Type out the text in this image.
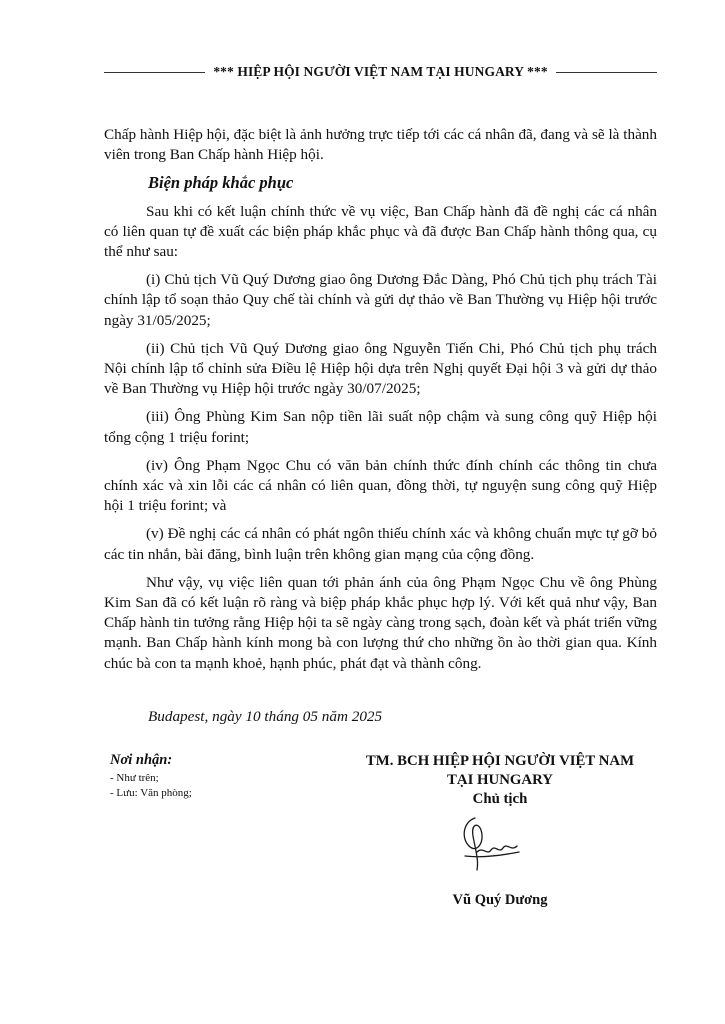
*** HIỆP HỘI NGƯỜI VIỆT NAM TẠI HUNGARY ***

Chấp hành Hiệp hội, đặc biệt là ảnh hưởng trực tiếp tới các cá nhân đã, đang và sẽ là thành viên trong Ban Chấp hành Hiệp hội.

Biện pháp khắc phục

Sau khi có kết luận chính thức về vụ việc, Ban Chấp hành đã đề nghị các cá nhân có liên quan tự đề xuất các biện pháp khắc phục và đã được Ban Chấp hành thông qua, cụ thể như sau:

(i) Chủ tịch Vũ Quý Dương giao ông Dương Đắc Dàng, Phó Chủ tịch phụ trách Tài chính lập tổ soạn thảo Quy chế tài chính và gửi dự thảo về Ban Thường vụ Hiệp hội trước ngày 31/05/2025;

(ii) Chủ tịch Vũ Quý Dương giao ông Nguyễn Tiến Chi, Phó Chủ tịch phụ trách Nội chính lập tổ chỉnh sửa Điều lệ Hiệp hội dựa trên Nghị quyết Đại hội 3 và gửi dự thảo về Ban Thường vụ Hiệp hội trước ngày 30/07/2025;

(iii) Ông Phùng Kim San nộp tiền lãi suất nộp chậm và sung công quỹ Hiệp hội tổng cộng 1 triệu forint;

(iv) Ông Phạm Ngọc Chu có văn bản chính thức đính chính các thông tin chưa chính xác và xin lỗi các cá nhân có liên quan, đồng thời, tự nguyện sung công quỹ Hiệp hội 1 triệu forint; và

(v) Đề nghị các cá nhân có phát ngôn thiếu chính xác và không chuẩn mực tự gỡ bỏ các tin nhắn, bài đăng, bình luận trên không gian mạng của cộng đồng.

Như vậy, vụ việc liên quan tới phản ánh của ông Phạm Ngọc Chu về ông Phùng Kim San đã có kết luận rõ ràng và biệp pháp khắc phục hợp lý. Với kết quả như vậy, Ban Chấp hành tin tưởng rằng Hiệp hội ta sẽ ngày càng trong sạch, đoàn kết và phát triển vững mạnh. Ban Chấp hành kính mong bà con lượng thứ cho những ồn ào thời gian qua. Kính chúc bà con ta mạnh khoẻ, hạnh phúc, phát đạt và thành công.

Budapest, ngày 10 tháng 05 năm 2025
Nơi nhận:
- Như trên;
- Lưu: Văn phòng;
TM. BCH HIỆP HỘI NGƯỜI VIỆT NAM
TẠI HUNGARY
Chủ tịch
Vũ Quý Dương
